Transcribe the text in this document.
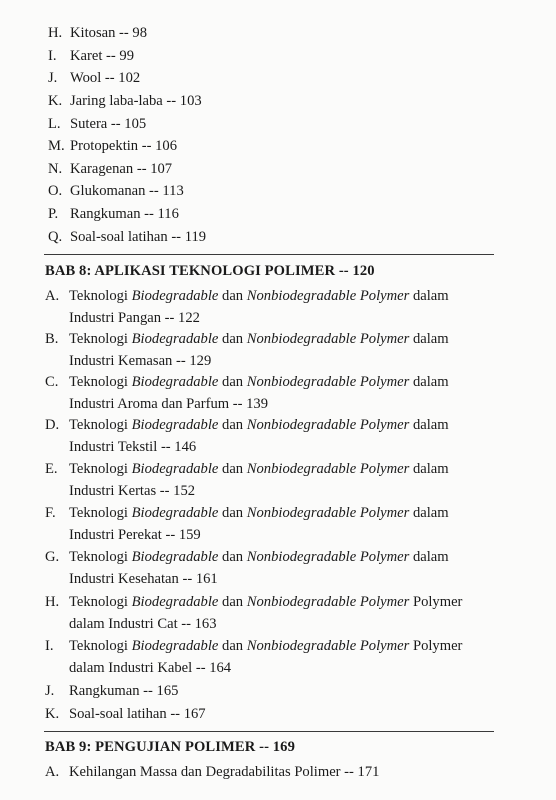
H. Kitosan -- 98
I. Karet -- 99
J. Wool -- 102
K. Jaring laba-laba -- 103
L. Sutera -- 105
M. Protopektin -- 106
N. Karagenan -- 107
O. Glukomanan -- 113
P. Rangkuman -- 116
Q. Soal-soal latihan -- 119
BAB 8: APLIKASI TEKNOLOGI POLIMER -- 120
A. Teknologi Biodegradable dan Nonbiodegradable Polymer dalam
Industri Pangan -- 122
B. Teknologi Biodegradable dan Nonbiodegradable Polymer dalam
Industri Kemasan -- 129
C. Teknologi Biodegradable dan Nonbiodegradable Polymer dalam
Industri Aroma dan Parfum -- 139
D. Teknologi Biodegradable dan Nonbiodegradable Polymer dalam
Industri Tekstil -- 146
E. Teknologi Biodegradable dan Nonbiodegradable Polymer dalam
Industri Kertas -- 152
F. Teknologi Biodegradable dan Nonbiodegradable Polymer dalam
Industri Perekat -- 159
G. Teknologi Biodegradable dan Nonbiodegradable Polymer dalam
Industri Kesehatan -- 161
H. Teknologi Biodegradable dan Nonbiodegradable Polymer Polymer
dalam Industri Cat -- 163
I. Teknologi Biodegradable dan Nonbiodegradable Polymer Polymer
dalam Industri Kabel -- 164
J. Rangkuman -- 165
K. Soal-soal latihan -- 167
BAB 9: PENGUJIAN POLIMER -- 169
A. Kehilangan Massa dan Degradabilitas Polimer -- 171
